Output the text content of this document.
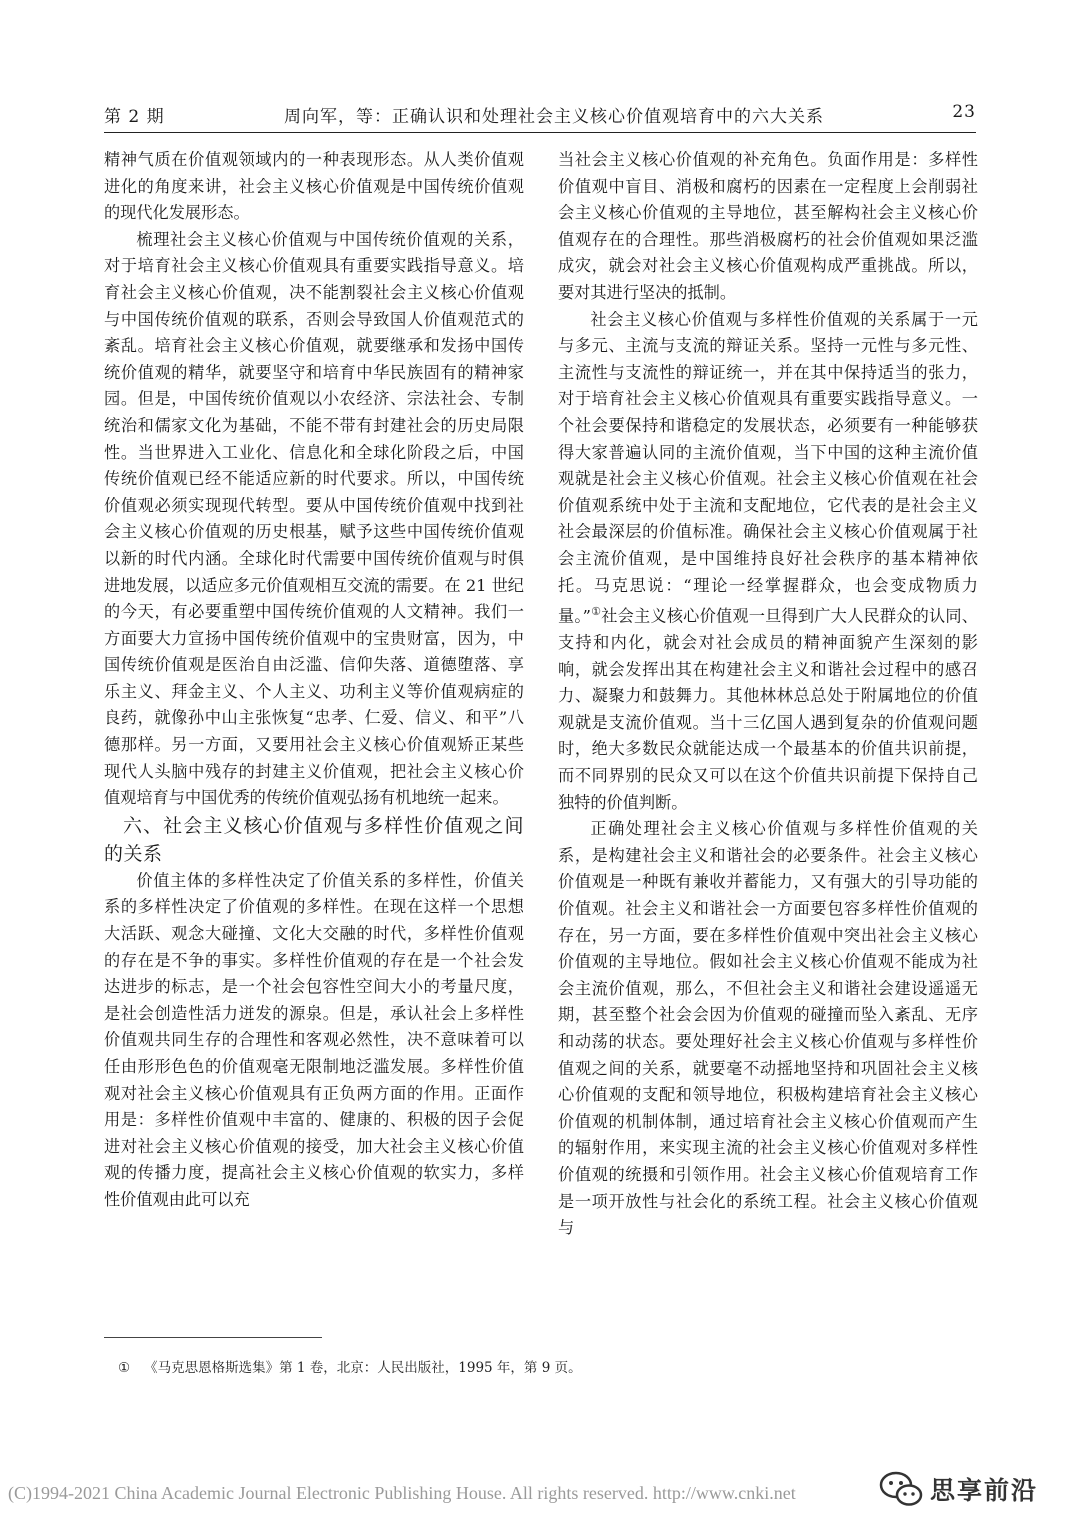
第 2 期	周向军，等：正确认识和处理社会主义核心价值观培育中的六大关系	23

精神气质在价值观领域内的一种表现形态。从人类价值观进化的角度来讲，社会主义核心价值观是中国传统价值观的现代化发展形态。

梳理社会主义核心价值观与中国传统价值观的关系，对于培育社会主义核心价值观具有重要实践指导意义。培育社会主义核心价值观，决不能割裂社会主义核心价值观与中国传统价值观的联系，否则会导致国人价值观范式的紊乱。培育社会主义核心价值观，就要继承和发扬中国传统价值观的精华，就要坚守和培育中华民族固有的精神家园。但是，中国传统价值观以小农经济、宗法社会、专制统治和儒家文化为基础，不能不带有封建社会的历史局限性。当世界进入工业化、信息化和全球化阶段之后，中国传统价值观已经不能适应新的时代要求。所以，中国传统价值观必须实现现代转型。要从中国传统价值观中找到社会主义核心价值观的历史根基，赋予这些中国传统价值观以新的时代内涵。全球化时代需要中国传统价值观与时俱进地发展，以适应多元价值观相互交流的需要。在 21 世纪的今天，有必要重塑中国传统价值观的人文精神。我们一方面要大力宣扬中国传统价值观中的宝贵财富，因为，中国传统价值观是医治自由泛滥、信仰失落、道德堕落、享乐主义、拜金主义、个人主义、功利主义等价值观病症的良药，就像孙中山主张恢复“忠孝、仁爱、信义、和平”八德那样。另一方面，又要用社会主义核心价值观矫正某些现代人头脑中残存的封建主义价值观，把社会主义核心价值观培育与中国优秀的传统价值观弘扬有机地统一起来。

六、社会主义核心价值观与多样性价值观之间的关系

价值主体的多样性决定了价值关系的多样性，价值关系的多样性决定了价值观的多样性。在现在这样一个思想大活跃、观念大碰撞、文化大交融的时代，多样性价值观的存在是不争的事实。多样性价值观的存在是一个社会发达进步的标志，是一个社会包容性空间大小的考量尺度，是社会创造性活力迸发的源泉。但是，承认社会上多样性价值观共同生存的合理性和客观必然性，决不意味着可以任由形形色色的价值观毫无限制地泛滥发展。多样性价值观对社会主义核心价值观具有正负两方面的作用。正面作用是：多样性价值观中丰富的、健康的、积极的因子会促进对社会主义核心价值观的接受，加大社会主义核心价值观的传播力度，提高社会主义核心价值观的软实力，多样性价值观由此可以充

当社会主义核心价值观的补充角色。负面作用是：多样性价值观中盲目、消极和腐朽的因素在一定程度上会削弱社会主义核心价值观的主导地位，甚至解构社会主义核心价值观存在的合理性。那些消极腐朽的社会价值观如果泛滥成灾，就会对社会主义核心价值观构成严重挑战。所以，要对其进行坚决的抵制。

社会主义核心价值观与多样性价值观的关系属于一元与多元、主流与支流的辩证关系。坚持一元性与多元性、主流性与支流性的辩证统一，并在其中保持适当的张力，对于培育社会主义核心价值观具有重要实践指导意义。一个社会要保持和谐稳定的发展状态，必须要有一种能够获得大家普遍认同的主流价值观，当下中国的这种主流价值观就是社会主义核心价值观。社会主义核心价值观在社会价值观系统中处于主流和支配地位，它代表的是社会主义社会最深层的价值标准。确保社会主义核心价值观属于社会主流价值观，是中国维持良好社会秩序的基本精神依托。马克思说：“理论一经掌握群众，也会变成物质力量。”①社会主义核心价值观一旦得到广大人民群众的认同、支持和内化，就会对社会成员的精神面貌产生深刻的影响，就会发挥出其在构建社会主义和谐社会过程中的感召力、凝聚力和鼓舞力。其他林林总总处于附属地位的价值观就是支流价值观。当十三亿国人遇到复杂的价值观问题时，绝大多数民众就能达成一个最基本的价值共识前提，而不同界别的民众又可以在这个价值共识前提下保持自己独特的价值判断。

正确处理社会主义核心价值观与多样性价值观的关系，是构建社会主义和谐社会的必要条件。社会主义核心价值观是一种既有兼收并蓄能力，又有强大的引导功能的价值观。社会主义和谐社会一方面要包容多样性价值观的存在，另一方面，要在多样性价值观中突出社会主义核心价值观的主导地位。假如社会主义核心价值观不能成为社会主流价值观，那么，不但社会主义和谐社会建设遥遥无期，甚至整个社会会因为价值观的碰撞而坠入紊乱、无序和动荡的状态。要处理好社会主义核心价值观与多样性价值观之间的关系，就要毫不动摇地坚持和巩固社会主义核心价值观的支配和领导地位，积极构建培育社会主义核心价值观的机制体制，通过培育社会主义核心价值观而产生的辐射作用，来实现主流的社会主义核心价值观对多样性价值观的统摄和引领作用。社会主义核心价值观培育工作是一项开放性与社会化的系统工程。社会主义核心价值观与

① 《马克思恩格斯选集》第 1 卷，北京：人民出版社，1995 年，第 9 页。
(C)1994-2021 China Academic Journal Electronic Publishing House. All rights reserved. http://www.cnki.net	思享前沿
